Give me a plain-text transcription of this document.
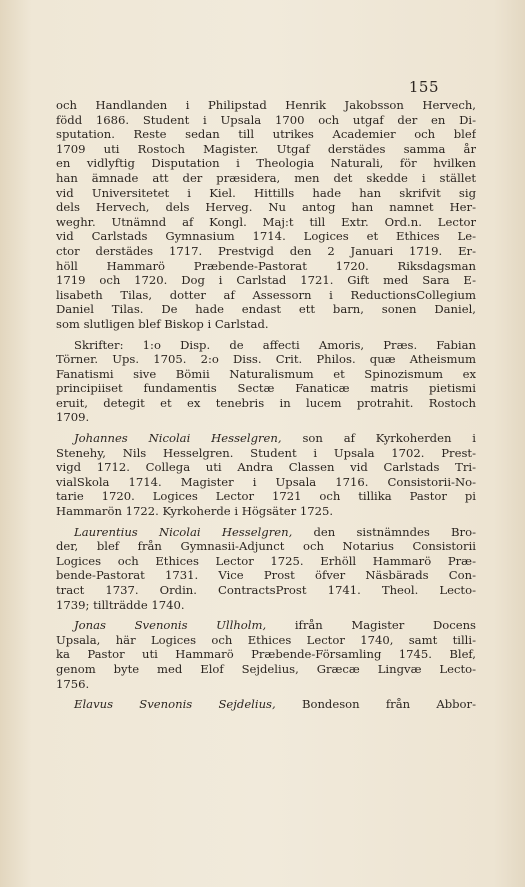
155
och Handlanden i Philipstad Henrik Jakobsson Hervech,
född 1686. Student i Upsala 1700 och utgaf der en Di-
sputation. Reste sedan till utrikes Academier och blef
1709 uti Rostoch Magister. Utgaf derstädes samma år
en vidlyftig Disputation i Theologia Naturali, för hvilken
han ämnade att der præsidera, men det skedde i stället
vid Universitetet i Kiel. Hittills hade han skrifvit sig
dels Hervech, dels Herveg. Nu antog han namnet Her-
weghr. Utnämnd af Kongl. Maj:t till Extr. Ord.n. Lector
vid Carlstads Gymnasium 1714. Logices et Ethices Le-
ctor derstädes 1717. Prestvigd den 2 Januari 1719. Er-
höll Hammarö Præbende-Pastorat 1720. Riksdagsman
1719 och 1720. Dog i Carlstad 1721. Gift med Sara E-
lisabeth Tilas, dotter af Assessorn i ReductionsCollegium
Daniel Tilas. De hade endast ett barn, sonen Daniel,
som slutligen blef Biskop i Carlstad.
Skrifter: 1:o Disp. de affecti Amoris, Præs. Fabian
Törner. Ups. 1705. 2:o Diss. Crit. Philos. quæ Atheismum
Fanatismi sive Bömii Naturalismum et Spinozismum ex
principiiset fundamentis Sectæ Fanaticæ matris pietismi
eruit, detegit et ex tenebris in lucem protrahit. Rostoch
1709.
Johannes Nicolai Hesselgren, son af Kyrkoherden i
Stenehy, Nils Hesselgren. Student i Upsala 1702. Prest-
vigd 1712. Collega uti Andra Classen vid Carlstads Tri-
vialSkola 1714. Magister i Upsala 1716. Consistorii-No-
tarie 1720. Logices Lector 1721 och tillika Pastor pi
Hammarön 1722. Kyrkoherde i Högsäter 1725.
Laurentius Nicolai Hesselgren, den sistnämndes Bro-
der, blef från Gymnasii-Adjunct och Notarius Consistorii
Logices och Ethices Lector 1725. Erhöll Hammarö Præ-
bende-Pastorat 1731. Vice Prost öfver Näsbärads Con-
tract 1737. Ordin. ContractsProst 1741. Theol. Lecto-
1739; tillträdde 1740.
Jonas Svenonis Ullholm, ifrån Magister Docens
Upsala, här Logices och Ethices Lector 1740, samt tilli-
ka Pastor uti Hammarö Præbende-Församling 1745. Blef,
genom byte med Elof Sejdelius, Græcæ Lingvæ Lecto-
1756.
Elavus Svenonis Sejdelius, Bondeson från Abbor-
